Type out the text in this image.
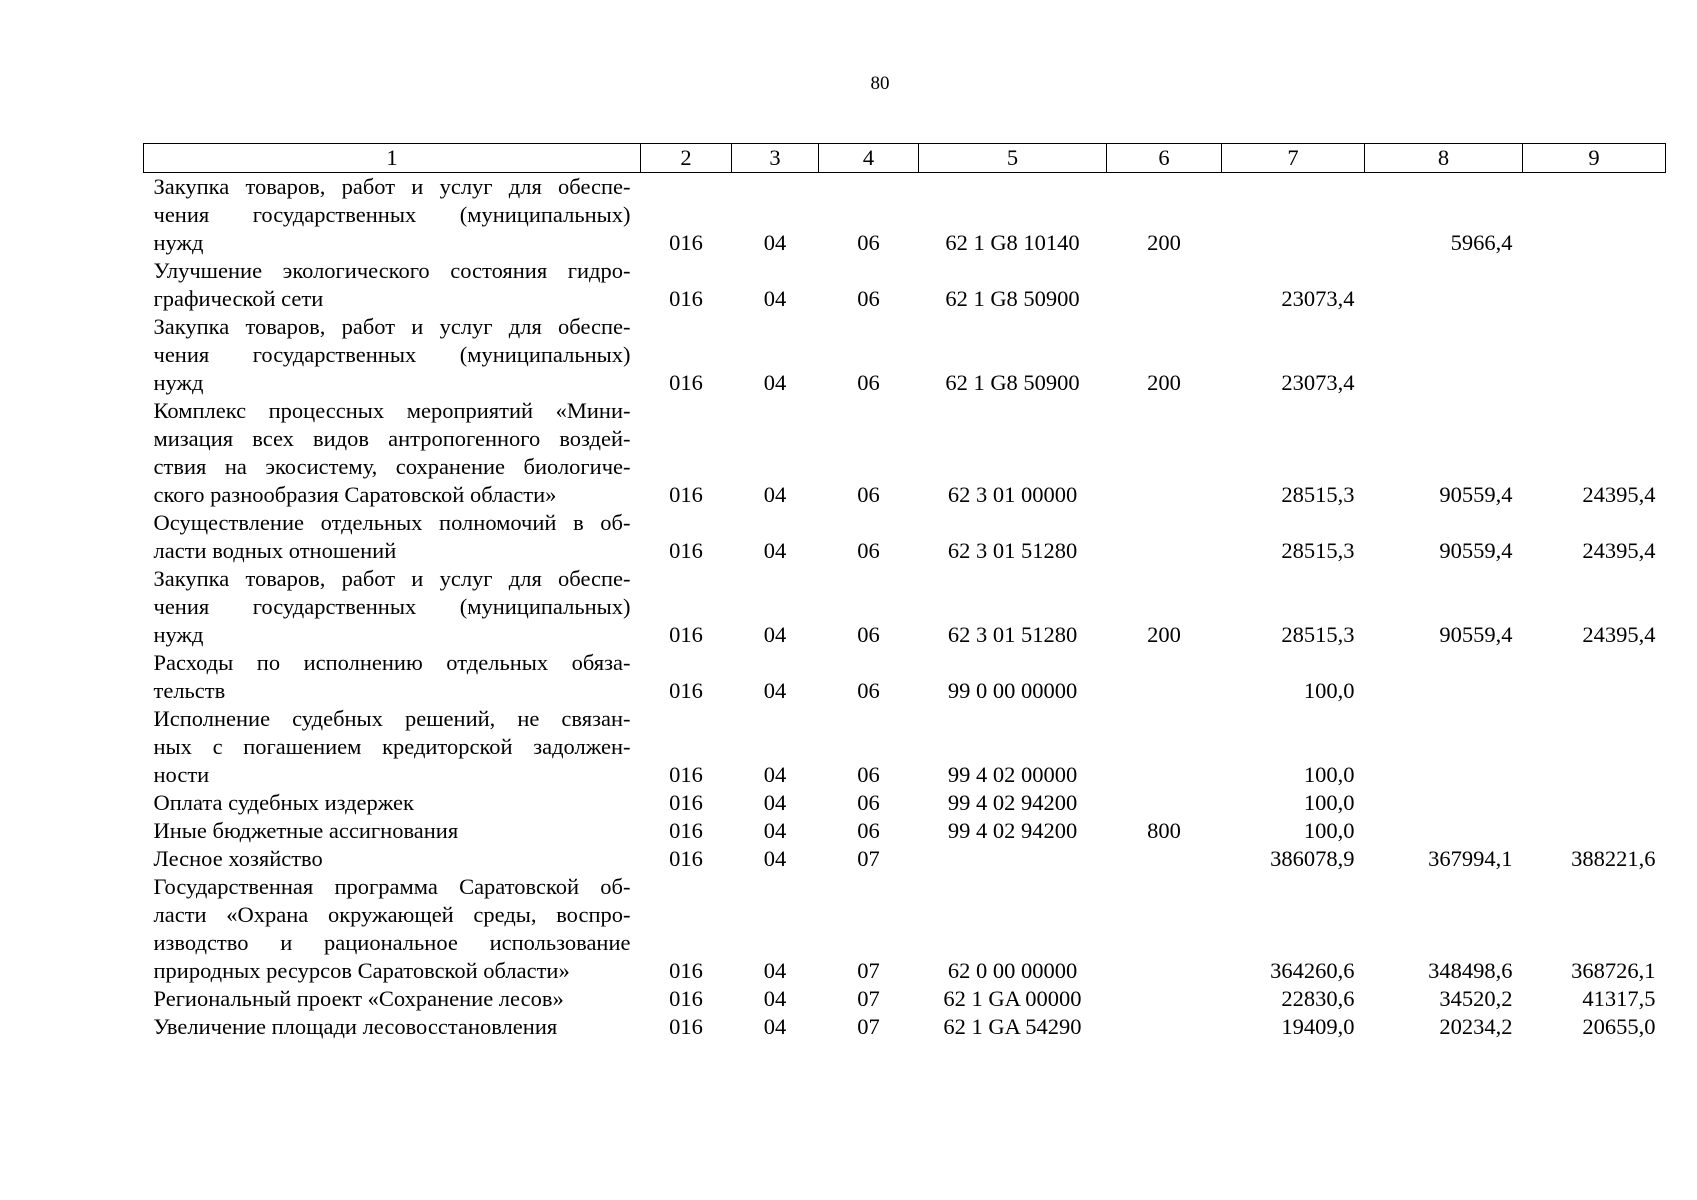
80
1	2	3	4	5	6	7	8	9

Закупка товаров, работ и услуг для обеспе-
чения государственных (муниципальных)
нужд	016	04	06	62 1 G8 10140	200		5966,4	

Улучшение экологического состояния гидро-
графической сети	016	04	06	62 1 G8 50900		23073,4		

Закупка товаров, работ и услуг для обеспе-
чения государственных (муниципальных)
нужд	016	04	06	62 1 G8 50900	200	23073,4		

Комплекс процессных мероприятий «Мини-
мизация всех видов антропогенного воздей-
ствия на экосистему, сохранение биологиче-
ского разнообразия Саратовской области»	016	04	06	62 3 01 00000		28515,3	90559,4	24395,4

Осуществление отдельных полномочий в об-
ласти водных отношений	016	04	06	62 3 01 51280		28515,3	90559,4	24395,4

Закупка товаров, работ и услуг для обеспе-
чения государственных (муниципальных)
нужд	016	04	06	62 3 01 51280	200	28515,3	90559,4	24395,4

Расходы по исполнению отдельных обяза-
тельств	016	04	06	99 0 00 00000		100,0		

Исполнение судебных решений, не связан-
ных с погашением кредиторской задолжен-
ности	016	04	06	99 4 02 00000		100,0		

Оплата судебных издержек	016	04	06	99 4 02 94200		100,0		

Иные бюджетные ассигнования	016	04	06	99 4 02 94200	800	100,0		

Лесное хозяйство	016	04	07			386078,9	367994,1	388221,6

Государственная программа Саратовской об-
ласти «Охрана окружающей среды, воспро-
изводство и рациональное использование
природных ресурсов Саратовской области»	016	04	07	62 0 00 00000		364260,6	348498,6	368726,1

Региональный проект «Сохранение лесов»	016	04	07	62 1 GA 00000		22830,6	34520,2	41317,5

Увеличение площади лесовосстановления	016	04	07	62 1 GA 54290		19409,0	20234,2	20655,0
